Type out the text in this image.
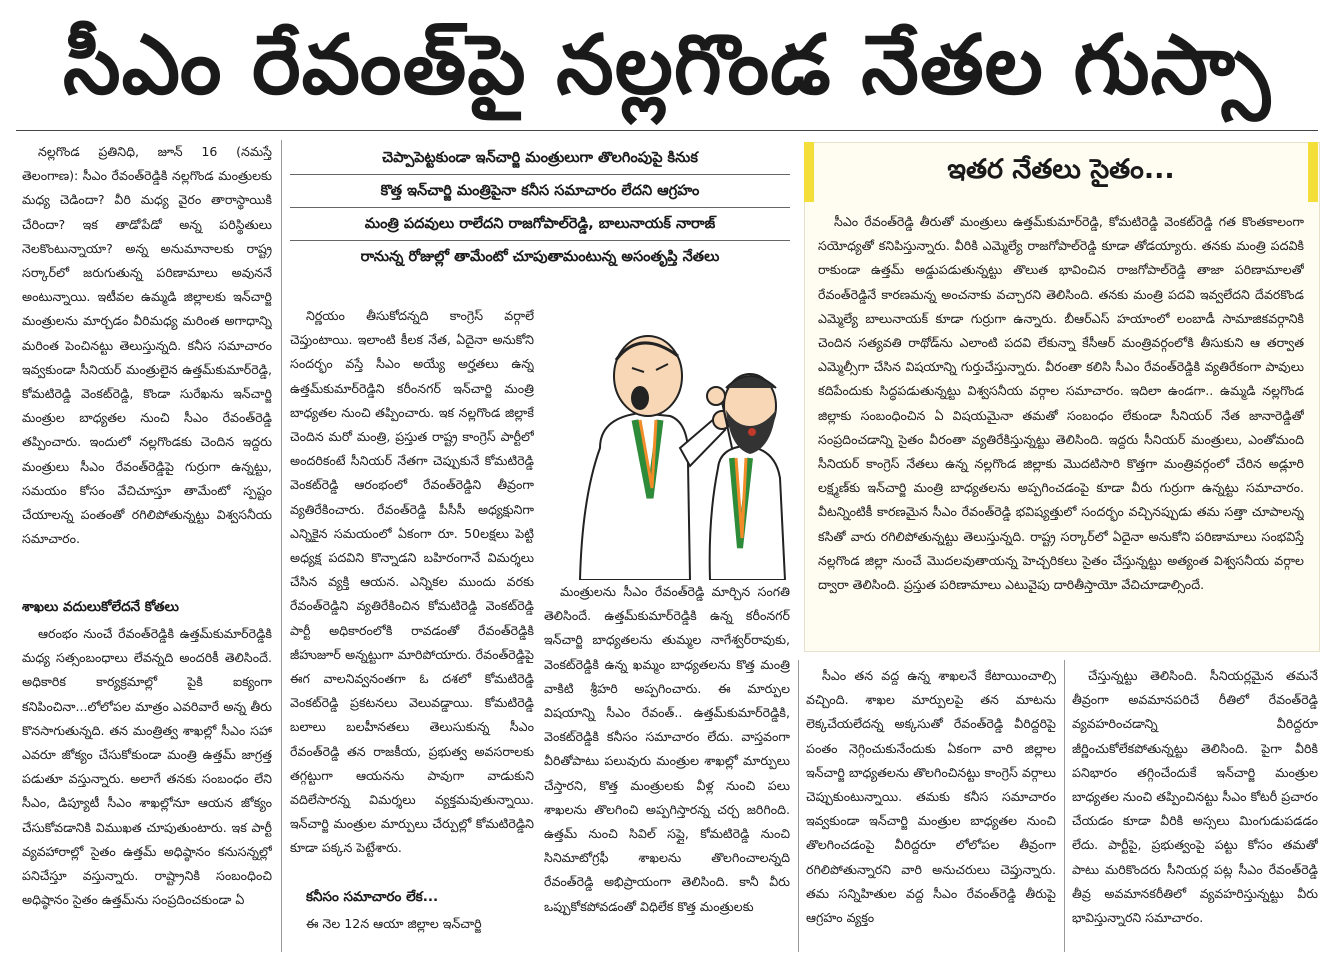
సీఎం రేవంత్‌పై నల్లగొండ నేతల గుస్సా

నల్లగొండ ప్రతినిధి, జూన్ 16 (నమస్తే తెలంగాణ): సీఎం రేవంత్‌రెడ్డికి నల్లగొండ మంత్రులకు మధ్య చెడిందా? వీరి మధ్య వైరం తారాస్థాయికి చేరిందా? ఇక తాడోపేడో అన్న పరిస్థితులు నెలకొంటున్నాయా? అన్న అనుమానాలకు రాష్ట్ర సర్కార్‌లో జరుగుతున్న పరిణామాలు అవుననే అంటున్నాయి. ఇటీవల ఉమ్మడి జిల్లాలకు ఇన్‌చార్జి మంత్రులను మార్చడం వీరిమధ్య మరింత అగాధాన్ని మరింత పెంచినట్టు తెలుస్తున్నది. కనీస సమాచారం ఇవ్వకుండా సీనియర్ మంత్రులైన ఉత్తమ్‌కుమార్‌రెడ్డి, కోమటిరెడ్డి వెంకట్‌రెడ్డి, కొండా సురేఖను ఇన్‌చార్జి మంత్రుల బాధ్యతల నుంచి సీఎం రేవంత్‌రెడ్డి తప్పించారు. ఇందులో నల్లగొండకు చెందిన ఇద్దరు మంత్రులు సీఎం రేవంత్‌రెడ్డిపై గుర్రుగా ఉన్నట్టు, సమయం కోసం వేచిచూస్తూ తామేంటో స్పష్టం చేయాలన్న పంతంతో రగిలిపోతున్నట్టు విశ్వసనీయ సమాచారం.

శాఖలు వదులుకోలేదనే కోతలు

ఆరంభం నుంచే రేవంత్‌రెడ్డికి ఉత్తమ్‌కుమార్‌రెడ్డికి మధ్య సత్సంబంధాలు లేవన్నది అందరికీ తెలిసిందే. అధికారిక కార్యక్రమాల్లో పైకి ఐక్యంగా కనిపించినా...లోలోపల మాత్రం ఎవరివారే అన్న తీరు కొనసాగుతున్నది. తన మంత్రిత్వ శాఖల్లో సీఎం సహా ఎవరూ జోక్యం చేసుకోకుండా మంత్రి ఉత్తమ్ జాగ్రత్త పడుతూ వస్తున్నారు. అలాగే తనకు సంబంధం లేని సీఎం, డిప్యూటీ సీఎం శాఖల్లోనూ ఆయన జోక్యం చేసుకోవడానికి విముఖత చూపుతుంటారు. ఇక పార్టీ వ్యవహారాల్లో సైతం ఉత్తమ్ అధిష్ఠానం కనుసన్నల్లో పనిచేస్తూ వస్తున్నారు. రాష్ట్రానికి సంబంధించి అధిష్ఠానం సైతం ఉత్తమ్‌ను సంప్రదించకుండా ఏ

చెప్పాపెట్టకుండా ఇన్‌చార్జి మంత్రులుగా తొలగింపుపై కినుక
కొత్త ఇన్‌చార్జి మంత్రిపైనా కనీస సమాచారం లేదని ఆగ్రహం
మంత్రి పదవులు రాలేదని రాజగోపాల్‌రెడ్డి, బాలునాయక్ నారాజ్
రానున్న రోజుల్లో తామేంటో చూపుతామంటున్న అసంతృప్తి నేతలు

నిర్ణయం తీసుకోదన్నది కాంగ్రెస్ వర్గాలే చెప్తుంటాయి. ఇలాంటి కీలక నేత, ఏదైనా అనుకోని సందర్భం వస్తే సీఎం అయ్యే అర్హతలు ఉన్న ఉత్తమ్‌కుమార్‌రెడ్డిని కరీంనగర్ ఇన్‌చార్జి మంత్రి బాధ్యతల నుంచి తప్పించారు. ఇక నల్లగొండ జిల్లాకే చెందిన మరో మంత్రి, ప్రస్తుత రాష్ట్ర కాంగ్రెస్ పార్టీలో అందరికంటే సీనియర్ నేతగా చెప్పుకునే కోమటిరెడ్డి వెంకట్‌రెడ్డి ఆరంభంలో రేవంత్‌రెడ్డిని తీవ్రంగా వ్యతిరేకించారు. రేవంత్‌రెడ్డి పీసీసీ అధ్యక్షునిగా ఎన్నికైన సమయంలో ఏకంగా రూ. 50లక్షలు పెట్టి అధ్యక్ష పదవిని కొన్నాడని బహిరంగానే విమర్శలు చేసిన వ్యక్తి ఆయన. ఎన్నికల ముందు వరకు రేవంత్‌రెడ్డిని వ్యతిరేకించిన కోమటిరెడ్డి వెంకట్‌రెడ్డి పార్టీ అధికారంలోకి రావడంతో రేవంత్‌రెడ్డికి జీహుజూర్ అన్నట్టుగా మారిపోయారు. రేవంత్‌రెడ్డిపై ఈగ వాలనివ్వనంతగా ఓ దశలో కోమటిరెడ్డి వెంకట్‌రెడ్డి ప్రకటనలు వెలువడ్డాయి. కోమటిరెడ్డి బలాలు బలహీనతలు తెలుసుకున్న సీఎం రేవంత్‌రెడ్డి తన రాజకీయ, ప్రభుత్వ అవసరాలకు తగ్గట్టుగా ఆయనను పావుగా వాడుకుని వదిలేసారన్న విమర్శలు వ్యక్తమవుతున్నాయి. ఇన్‌చార్జి మంత్రుల మార్పులు చేర్పుల్లో కోమటిరెడ్డిని కూడా పక్కన పెట్టేశారు.

కనీసం సమాచారం లేక...

ఈ నెల 12న ఆయా జిల్లాల ఇన్‌చార్జి

మంత్రులను సీఎం రేవంత్‌రెడ్డి మార్చిన సంగతి తెలిసిందే. ఉత్తమ్‌కుమార్‌రెడ్డికి ఉన్న కరీంనగర్ ఇన్‌చార్జి బాధ్యతలను తుమ్మల నాగేశ్వర్‌రావుకు, వెంకట్‌రెడ్డికి ఉన్న ఖమ్మం బాధ్యతలను కొత్త మంత్రి వాకిటి శ్రీహరి అప్పగించారు. ఈ మార్పుల విషయాన్ని సీఎం రేవంత్.. ఉత్తమ్‌కుమార్‌రెడ్డికి, వెంకట్‌రెడ్డికి కనీసం సమాచారం లేదు. వాస్తవంగా వీరితోపాటు పలువురు మంత్రుల శాఖల్లో మార్పులు చేస్తారని, కొత్త మంత్రులకు వీళ్ల నుంచి పలు శాఖలను తొలగించి అప్పగిస్తారన్న చర్చ జరిగింది. ఉత్తమ్ నుంచి సివిల్ సప్లై, కోమటిరెడ్డి నుంచి సినిమాటోగ్రఫీ శాఖలను తొలగించాలన్నది రేవంత్‌రెడ్డి అభిప్రాయంగా తెలిసింది. కానీ వీరు ఒప్పుకోకపోవడంతో విధిలేక కొత్త మంత్రులకు

ఇతర నేతలు సైతం...

సీఎం రేవంత్‌రెడ్డి తీరుతో మంత్రులు ఉత్తమ్‌కుమార్‌రెడ్డి, కోమటిరెడ్డి వెంకట్‌రెడ్డి గత కొంతకాలంగా సయోధ్యతో కనిపిస్తున్నారు. వీరికి ఎమ్మెల్యే రాజగోపాల్‌రెడ్డి కూడా తోడయ్యారు. తనకు మంత్రి పదవికి రాకుండా ఉత్తమ్ అడ్డుపడుతున్నట్టు తొలుత భావించిన రాజగోపాల్‌రెడ్డి తాజా పరిణామాలతో రేవంత్‌రెడ్డినే కారణమన్న అంచనాకు వచ్చారని తెలిసింది. తనకు మంత్రి పదవి ఇవ్వలేదని దేవరకొండ ఎమ్మెల్యే బాలునాయక్ కూడా గుర్రుగా ఉన్నారు. బీఆర్‌ఎస్ హయాంలో లంబాడీ సామాజికవర్గానికి చెందిన సత్యవతి రాథోడ్‌ను ఎలాంటి పదవి లేకున్నా కేసీఆర్ మంత్రివర్గంలోకి తీసుకుని ఆ తర్వాత ఎమ్మెల్సీగా చేసిన విషయాన్ని గుర్తుచేస్తున్నారు. వీరంతా కలిసి సీఎం రేవంత్‌రెడ్డికి వ్యతిరేకంగా పావులు కదిపేందుకు సిద్ధపడుతున్నట్టు విశ్వసనీయ వర్గాల సమాచారం. ఇదిలా ఉండగా.. ఉమ్మడి నల్లగొండ జిల్లాకు సంబంధించిన ఏ విషయమైనా తమతో సంబంధం లేకుండా సీనియర్ నేత జానారెడ్డితో సంప్రదించడాన్ని సైతం వీరంతా వ్యతిరేకిస్తున్నట్టు తెలిసింది. ఇద్దరు సీనియర్ మంత్రులు, ఎంతోమంది సీనియర్ కాంగ్రెస్ నేతలు ఉన్న నల్లగొండ జిల్లాకు మొదటిసారి కొత్తగా మంత్రివర్గంలో చేరిన అడ్లూరి లక్ష్మణ్‌కు ఇన్‌చార్జి మంత్రి బాధ్యతలను అప్పగించడంపై కూడా వీరు గుర్రుగా ఉన్నట్టు సమాచారం. వీటన్నింటికీ కారణమైన సీఎం రేవంత్‌రెడ్డి భవిష్యత్తులో సందర్భం వచ్చినప్పుడు తమ సత్తా చూపాలన్న కసితో వారు రగిలిపోతున్నట్టు తెలుస్తున్నది. రాష్ట్ర సర్కార్‌లో ఏదైనా అనుకోని పరిణామాలు సంభవిస్తే నల్లగొండ జిల్లా నుంచే మొదలవుతాయన్న హెచ్చరికలు సైతం చేస్తున్నట్టు అత్యంత విశ్వసనీయ వర్గాల ద్వారా తెలిసింది. ప్రస్తుత పరిణామాలు ఎటువైపు దారితీస్తాయో వేచిచూడాల్సిందే.

సీఎం తన వద్ద ఉన్న శాఖలనే కేటాయించాల్సి వచ్చింది. శాఖల మార్పులపై తన మాటను లెక్కచేయలేదన్న అక్కసుతో రేవంత్‌రెడ్డి వీరిద్దరిపై పంతం నెగ్గించుకునేందుకు ఏకంగా వారి జిల్లాల ఇన్‌చార్జి బాధ్యతలను తొలగించినట్టు కాంగ్రెస్ వర్గాలు చెప్పుకుంటున్నాయి. తమకు కనీస సమాచారం ఇవ్వకుండా ఇన్‌చార్జి మంత్రుల బాధ్యతల నుంచి తొలగించడంపై వీరిద్దరూ లోలోపల తీవ్రంగా రగిలిపోతున్నారని వారి అనుచరులు చెప్తున్నారు. తమ సన్నిహితుల వద్ద సీఎం రేవంత్‌రెడ్డి తీరుపై ఆగ్రహం వ్యక్తం

చేస్తున్నట్టు తెలిసింది. సీనియర్లమైన తమనే తీవ్రంగా అవమానపరిచే రీతిలో రేవంత్‌రెడ్డి వ్యవహరించడాన్ని వీరిద్దరూ జీర్ణించుకోలేకపోతున్నట్టు తెలిసింది. పైగా వీరికి పనిభారం తగ్గించేందుకే ఇన్‌చార్జి మంత్రుల బాధ్యతల నుంచి తప్పించినట్టు సీఎం కోటరీ ప్రచారం చేయడం కూడా వీరికి అస్సలు మింగుడుపడడం లేదు. పార్టీపై, ప్రభుత్వంపై పట్టు కోసం తమతో పాటు మరికొందరు సీనియర్ల పట్ల సీఎం రేవంత్‌రెడ్డి తీవ్ర అవమానకరీతిలో వ్యవహరిస్తున్నట్టు వీరు భావిస్తున్నారని సమాచారం.
